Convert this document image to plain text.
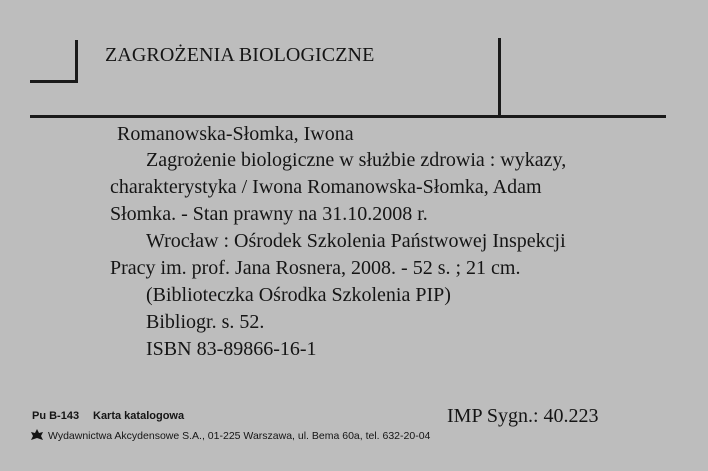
ZAGROŻENIA BIOLOGICZNE
Romanowska-Słomka, Iwona
Zagrożenie biologiczne w służbie zdrowia : wykazy,
charakterystyka / Iwona Romanowska-Słomka, Adam
Słomka. - Stan prawny na 31.10.2008 r.
Wrocław : Ośrodek Szkolenia Państwowej Inspekcji
Pracy im. prof. Jana Rosnera, 2008. - 52 s. ; 21 cm.
(Biblioteczka Ośrodka Szkolenia PIP)
Bibliogr. s. 52.
ISBN 83-89866-16-1
Pu B-143 Karta katalogowa	IMP Sygn.: 40.223
Wydawnictwa Akcydensowe S.A., 01-225 Warszawa, ul. Bema 60a, tel. 632-20-04
